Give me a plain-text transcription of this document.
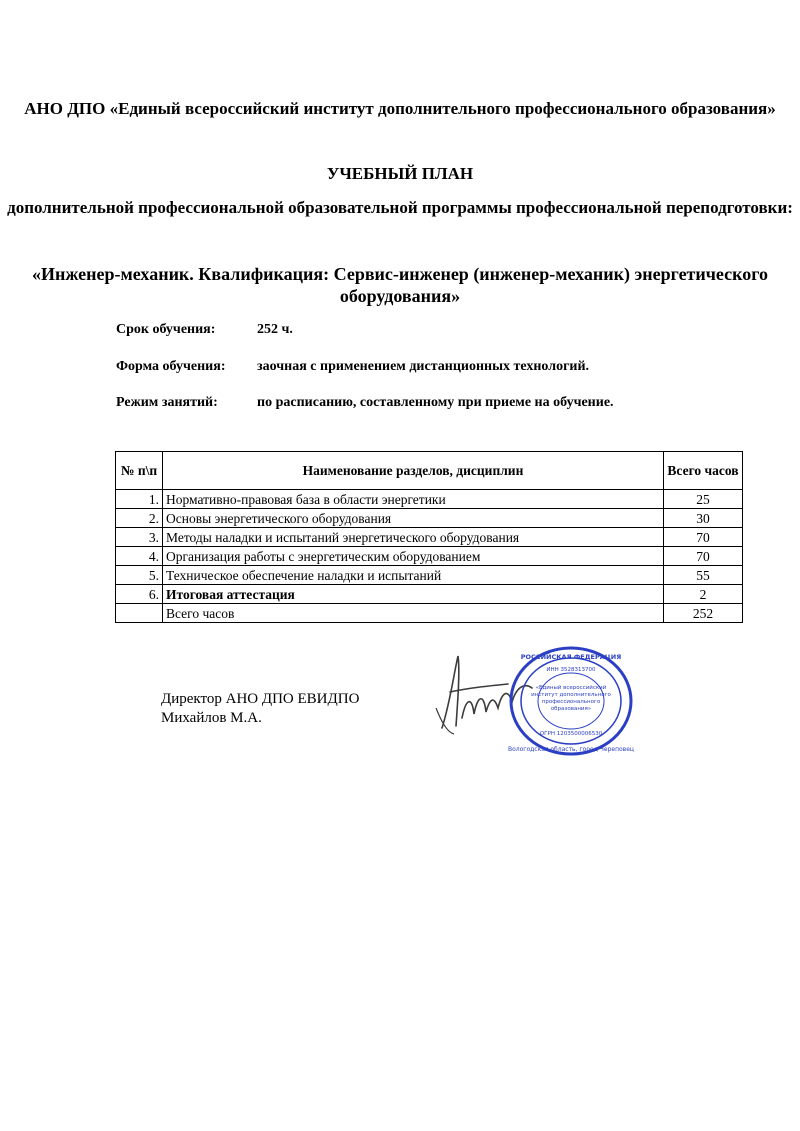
АНО ДПО «Единый всероссийский институт дополнительного профессионального образования»
УЧЕБНЫЙ ПЛАН
дополнительной профессиональной образовательной программы профессиональной переподготовки:
«Инженер-механик. Квалификация: Сервис-инженер (инженер-механик) энергетического оборудования»
Срок обучения:	252 ч.
Форма обучения: заочная с применением дистанционных технологий.
Режим занятий:	по расписанию, составленному при приеме на обучение.
№ п\п	Наименование разделов, дисциплин	Всего часов
1.	Нормативно-правовая база в области энергетики	25
2.	Основы энергетического оборудования	30
3.	Методы наладки и испытаний энергетического оборудования	70
4.	Организация работы с энергетическим оборудованием	70
5.	Техническое обеспечение наладки и испытаний	55
6.	Итоговая аттестация	2
	Всего часов	252
Директор АНО ДПО ЕВИДПО
Михайлов М.А.
РОССИЙСКАЯ ФЕДЕРАЦИЯ
Вологодская область, город Череповец
ИНН 3528313700
«Единый всероссийский
институт дополнительного
профессионального
образования»
ОГРН 1203500006530
